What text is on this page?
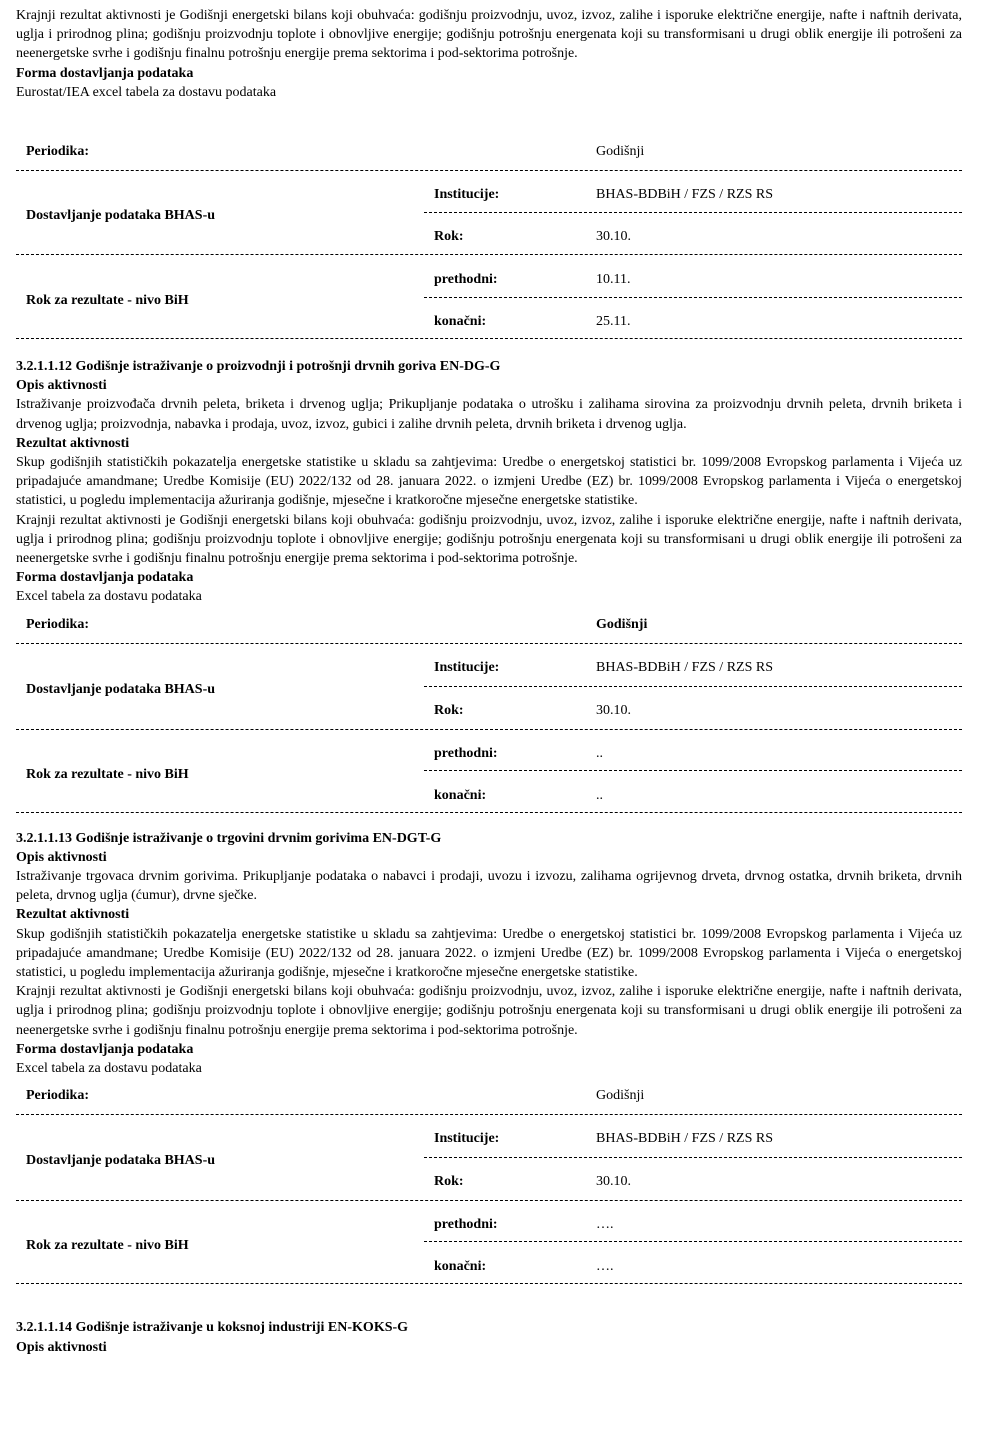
Krajnji rezultat aktivnosti je Godišnji energetski bilans koji obuhvaća: godišnju proizvodnju, uvoz, izvoz, zalihe i isporuke električne energije, nafte i naftnih derivata, uglja i prirodnog plina; godišnju proizvodnju toplote i obnovljive energije; godišnju potrošnju energenata koji su transformisani u drugi oblik energije ili potrošeni za neenergetske svrhe i godišnju finalnu potrošnju energije prema sektorima i pod-sektorima potrošnje.

Forma dostavljanja podataka

Eurostat/IEA excel tabela za dostavu podataka

Periodika:	Godišnji
Institucije:	BHAS-BDBiH / FZS / RZS RS
Dostavljanje podataka BHAS-u
Rok:	30.10.
prethodni:	10.11.
Rok za rezultate - nivo BiH
konačni:	25.11.

3.2.1.1.12 Godišnje istraživanje o proizvodnji i potrošnji drvnih goriva EN-DG-G

Opis aktivnosti

Istraživanje proizvođača drvnih peleta, briketa i drvenog uglja; Prikupljanje podataka o utrošku i zalihama sirovina za proizvodnju drvnih peleta, drvnih briketa i drvenog uglja; proizvodnja, nabavka i prodaja, uvoz, izvoz, gubici i zalihe drvnih peleta, drvnih briketa i drvenog uglja.

Rezultat aktivnosti

Skup godišnjih statističkih pokazatelja energetske statistike u skladu sa zahtjevima: Uredbe o energetskoj statistici br. 1099/2008 Evropskog parlamenta i Vijeća uz pripadajuće amandmane; Uredbe Komisije (EU) 2022/132 od 28. januara 2022. o izmjeni Uredbe (EZ) br. 1099/2008 Evropskog parlamenta i Vijeća o energetskoj statistici, u pogledu implementacija ažuriranja godišnje, mjesečne i kratkoročne mjesečne energetske statistike.

Krajnji rezultat aktivnosti je Godišnji energetski bilans koji obuhvaća: godišnju proizvodnju, uvoz, izvoz, zalihe i isporuke električne energije, nafte i naftnih derivata, uglja i prirodnog plina; godišnju proizvodnju toplote i obnovljive energije; godišnju potrošnju energenata koji su transformisani u drugi oblik energije ili potrošeni za neenergetske svrhe i godišnju finalnu potrošnju energije prema sektorima i pod-sektorima potrošnje.

Forma dostavljanja podataka

Excel tabela za dostavu podataka

Periodika:	Godišnji
Institucije:	BHAS-BDBiH / FZS / RZS RS
Dostavljanje podataka BHAS-u
Rok:	30.10.
prethodni:	..
Rok za rezultate - nivo BiH
konačni:	..

3.2.1.1.13 Godišnje istraživanje o trgovini drvnim gorivima EN-DGT-G

Opis aktivnosti

Istraživanje trgovaca drvnim gorivima. Prikupljanje podataka o nabavci i prodaji, uvozu i izvozu, zalihama ogrijevnog drveta, drvnog ostatka, drvnih briketa, drvnih peleta, drvnog uglja (ćumur), drvne sječke.

Rezultat aktivnosti

Skup godišnjih statističkih pokazatelja energetske statistike u skladu sa zahtjevima: Uredbe o energetskoj statistici br. 1099/2008 Evropskog parlamenta i Vijeća uz pripadajuće amandmane; Uredbe Komisije (EU) 2022/132 od 28. januara 2022. o izmjeni Uredbe (EZ) br. 1099/2008 Evropskog parlamenta i Vijeća o energetskoj statistici, u pogledu implementacija ažuriranja godišnje, mjesečne i kratkoročne mjesečne energetske statistike.

Krajnji rezultat aktivnosti je Godišnji energetski bilans koji obuhvaća: godišnju proizvodnju, uvoz, izvoz, zalihe i isporuke električne energije, nafte i naftnih derivata, uglja i prirodnog plina; godišnju proizvodnju toplote i obnovljive energije; godišnju potrošnju energenata koji su transformisani u drugi oblik energije ili potrošeni za neenergetske svrhe i godišnju finalnu potrošnju energije prema sektorima i pod-sektorima potrošnje.

Forma dostavljanja podataka

Excel tabela za dostavu podataka

Periodika:	Godišnji
Institucije:	BHAS-BDBiH / FZS / RZS RS
Dostavljanje podataka BHAS-u
Rok:	30.10.
prethodni:	….
Rok za rezultate - nivo BiH
konačni:	….

3.2.1.1.14 Godišnje istraživanje u koksnoj industriji EN-KOKS-G

Opis aktivnosti
